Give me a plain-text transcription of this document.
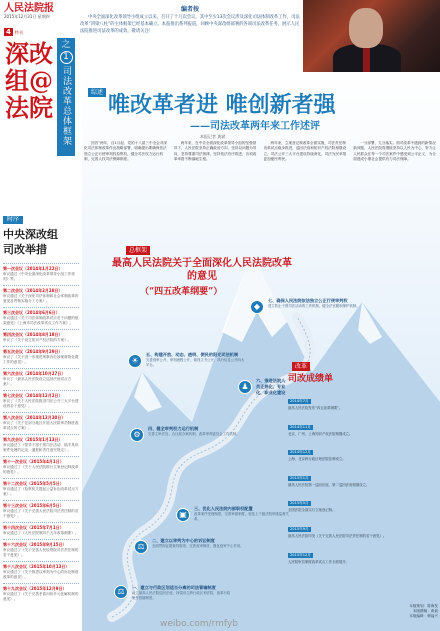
人民法院报
2015年12月31日 星期四
4 特刊
深改组@法院
之
1
司法改革总体框架
编者按
中央全面深化改革领导小组成立以来，召开了十几次会议，其中至少13次会议涉及深化司法体制改革工作，司法改革“四梁八柱”的主体框架已经基本确立。本报推出系列报道，回顾中央深改组部署的各项司法改革任务，展示人民法院推进司法改革的成效。敬请关注！
时序
中央深改组
司改举措
第一次会议（2014年1月22日）
审议通过《中央全面深化改革领导小组工作规则》等。
第二次会议（2014年2月28日）
审议通过《关于深化司法体制和社会体制改革的意见及贯彻实施分工方案》。
第三次会议（2014年6月6日）
审议通过《关于司法体制改革试点若干问题的框架意见》《上海市司法改革试点工作方案》。
第四次会议（2014年8月18日）
审议了《关于设立知识产权法院的方案》。
第五次会议（2014年9月29日）
审议了《关于进一步规范刑事诉讼涉案财物处置工作的意见》。
第六次会议（2014年10月27日）
审议了《最高人民法院设立巡回法庭试点方案》。
第七次会议（2014年12月2日）
审议了《关于人民法院推进司法公开三大平台建设的若干意见》。
第八次会议（2014年12月30日）
审议了《关于在部分地区开展人民陪审员制度改革试点的方案》。
第九次会议（2015年1月13日）
审议通过了《领导干部干预司法活动、插手具体案件处理的记录、通报和责任追究规定》。
第十一次会议（2015年4月1日）
审议通过了《关于人民法院推行立案登记制改革的意见》。
第十二次会议（2015年5月5日）
审议通过了《检察机关提起公益诉讼改革试点方案》。
第十三次会议（2015年6月5日）
审议通过了《关于完善人民法院司法责任制的若干意见》。
第十四次会议（2015年7月1日）
审议通过了《人民法院第四个五年改革纲要》。
第十六次会议（2015年9月15日）
审议通过了《关于完善人民检察院司法责任制的若干意见》。
第十八次会议（2015年10月13日）
审议通过了《关于推进以审判为中心的诉讼制度改革的意见》。
第十九次会议（2015年12月9日）
审议通过了《关于完善矛盾纠纷多元化解机制的意见》。
综述 唯改革者进 唯创新者强
——司法改革两年来工作述评
本报记者 黄斌

回首“两年，自1月起，党的十八届三中全会对深化司法体制改革作出战略部署，明确提出要确保依法独立公正行使审判权检察权，健全司法权力运行机制，完善人权司法保障制度。

两年来，在中央全面深化改革领导小组的坚强领导下，人民法院坚持正确政治方向，坚持以问题为导向，坚持尊重司法规律，坚持依法有序推进，各项改革举措不断落地生根。

两年来，立案登记制改革全面实施，司法责任制改革试点稳步推进，巡回法庭和知识产权法院相继设立，司法公开三大平台建设持续深化，司法为民举措更加便民利民。

一分部署，九分落实。面对改革中遇到的新情况新问题，人民法院将继续坚持以人民为中心，努力让人民群众在每一个司法案件中感受到公平正义，为全面建成小康社会提供有力司法保障。

总框架
最高人民法院关于全面深化人民法院改革的意见
（“四五改革纲要”）
⚖	一、建立与行政区划适当分离的司法管辖制度
设立最高人民法院巡回法庭，探索设立跨行政区划法院，改革行政案件管辖制度。
⚖
二、建立以审判为中心的诉讼制度
全面贯彻证据裁判原则，完善庭审制度，强化庭审中心作用。
▣
三、优化人民法院内部职权配置
改革案件受理制度，完善审级制度，规范上下级法院审级监督关系。
⚙
四、健全审判权力运行机制
完善主审法官、合议庭办案机制，改革审判委员会工作机制。
☀
五、构建开放、动态、透明、便民的阳光司法机制
完善庭审公开、审判流程公开、裁判文书公开、执行信息公开四大平台。
♟
六、推进法院人员正规化、专业化、职业化建设
◆
七、确保人民法院依法独立公正行使审判权
建立防止干预司法活动的工作机制，健全法官履职保护机制。
改革
司改成绩单
2014年7月
最高人民法院发布“四五改革纲要”。
2014年11月
北京、广州、上海知识产权法院相继成立。
2014年12月
上海、北京跨行政区划法院挂牌成立。
2015年1月
最高人民法院第一巡回法庭、第二巡回法庭相继设立。
2015年5月
全国法院全面实行立案登记制。
2015年9月
最高人民法院印发《关于完善人民法院司法责任制的若干意见》。
2015年12月
人民陪审员制度改革试点工作全面展开。
本版策划：陈海发
本版撰稿：黄斌
本版编辑：韩福兴
weibo.com/rmfyb
